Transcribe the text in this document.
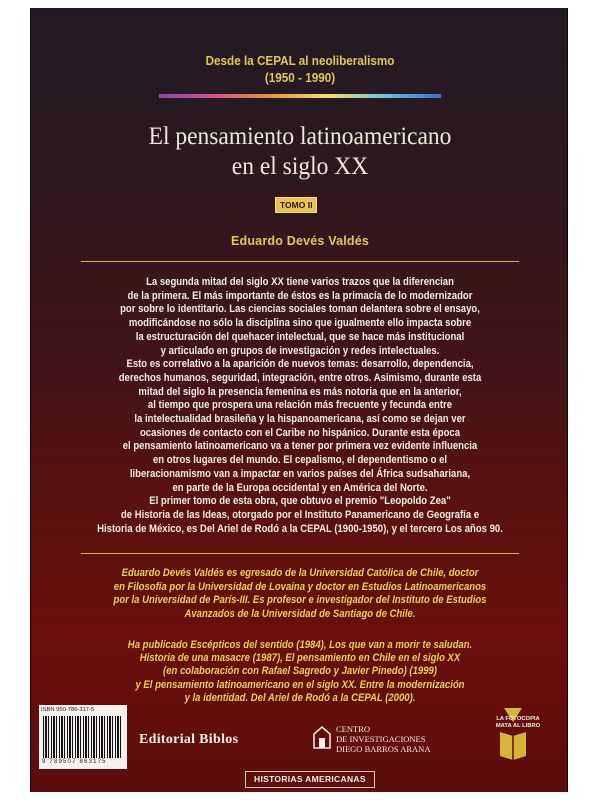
Desde la CEPAL al neoliberalismo
(1950 - 1990)
El pensamiento latinoamericano
en el siglo XX
TOMO II
Eduardo Devés Valdés
La segunda mitad del siglo XX tiene varios trazos que la diferencian
de la primera. El más importante de éstos es la primacía de lo modernizador
por sobre lo identitario. Las ciencias sociales toman delantera sobre el ensayo,
modificándose no sólo la disciplina sino que igualmente ello impacta sobre
la estructuración del quehacer intelectual, que se hace más institucional
y articulado en grupos de investigación y redes intelectuales.
Esto es correlativo a la aparición de nuevos temas: desarrollo, dependencia,
derechos humanos, seguridad, integración, entre otros. Asimismo, durante esta
mitad del siglo la presencia femenina es más notoria que en la anterior,
al tiempo que prospera una relación más frecuente y fecunda entre
la intelectualidad brasileña y la hispanoamericana, así como se dejan ver
ocasiones de contacto con el Caribe no hispánico. Durante esta época
el pensamiento latinoamericano va a tener por primera vez evidente influencia
en otros lugares del mundo. El cepalismo, el dependentismo o el
liberacionamismo van a impactar en varios países del África sudsahariana,
en parte de la Europa occidental y en América del Norte.
El primer tomo de esta obra, que obtuvo el premio "Leopoldo Zea"
de Historia de las Ideas, otorgado por el Instituto Panamericano de Geografía e
Historia de México, es Del Ariel de Rodó a la CEPAL (1900-1950), y el tercero Los años 90.
Eduardo Devés Valdés es egresado de la Universidad Católica de Chile, doctor
en Filosofía por la Universidad de Lovaina y doctor en Estudios Latinoamericanos
por la Universidad de París-III. Es profesor e investigador del Instituto de Estudios
Avanzados de la Universidad de Santiago de Chile.
Ha publicado Escépticos del sentido (1984), Los que van a morir te saludan.
Historia de una masacre (1987), El pensamiento en Chile en el siglo XX
(en colaboración con Rafael Sagredo y Javier Pinedo) (1999)
y El pensamiento latinoamericano en el siglo XX. Entre la modernización
y la identidad. Del Ariel de Rodó a la CEPAL (2000).
ISBN 950-786-317-5
9 789507 863175
Editorial Biblos
CENTRO
DE INVESTIGACIONES
DIEGO BARROS ARANA
LA FOTOCOPIA
MATA AL LIBRO
HISTORIAS AMERICANAS
